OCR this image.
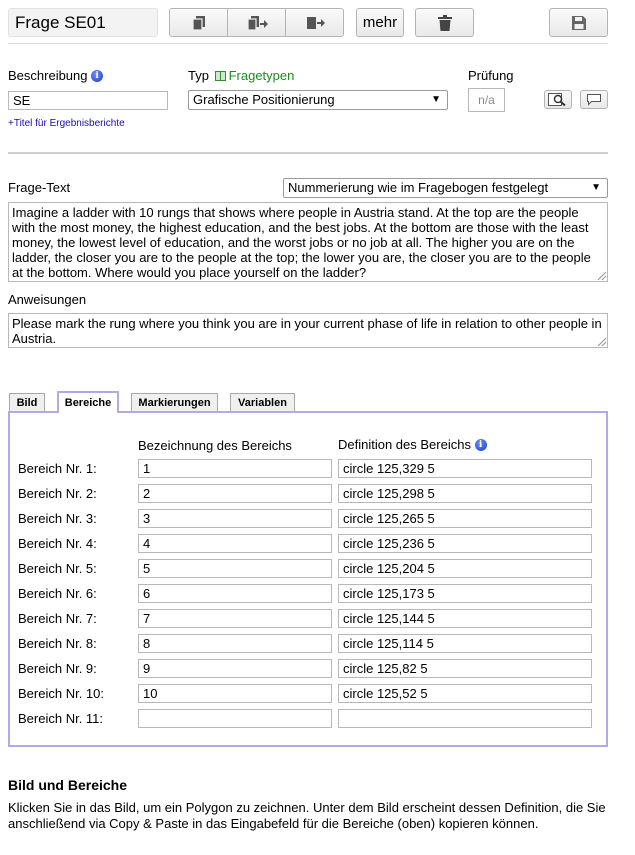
Frage SE01	mehr
Beschreibung i
SE
+Titel für Ergebnisberichte
Typ Fragetypen
Grafische Positionierung	▼
Prüfung
n/a
Frage-Text	Nummerierung wie im Fragebogen festgelegt	▼
Imagine a ladder with 10 rungs that shows where people in Austria stand. At the top are the people with the most money, the highest education, and the best jobs. At the bottom are those with the least money, the lowest level of education, and the worst jobs or no job at all. The higher you are on the ladder, the closer you are to the people at the top; the lower you are, the closer you are to the people at the bottom. Where would you place yourself on the ladder?
Anweisungen
Please mark the rung where you think you are in your current phase of life in relation to other people in Austria.
Bild	Bereiche	Markierungen	Variablen
Bezeichnung des Bereichs	Definition des Bereichs i
Bereich Nr. 1:	1	circle 125,329 5
Bereich Nr. 2:	2	circle 125,298 5
Bereich Nr. 3:	3	circle 125,265 5
Bereich Nr. 4:	4	circle 125,236 5
Bereich Nr. 5:	5	circle 125,204 5
Bereich Nr. 6:	6	circle 125,173 5
Bereich Nr. 7:	7	circle 125,144 5
Bereich Nr. 8:	8	circle 125,114 5
Bereich Nr. 9:	9	circle 125,82 5
Bereich Nr. 10:	10	circle 125,52 5
Bereich Nr. 11:
Bild und Bereiche
Klicken Sie in das Bild, um ein Polygon zu zeichnen. Unter dem Bild erscheint dessen Definition, die Sie anschließend via Copy & Paste in das Eingabefeld für die Bereiche (oben) kopieren können.
